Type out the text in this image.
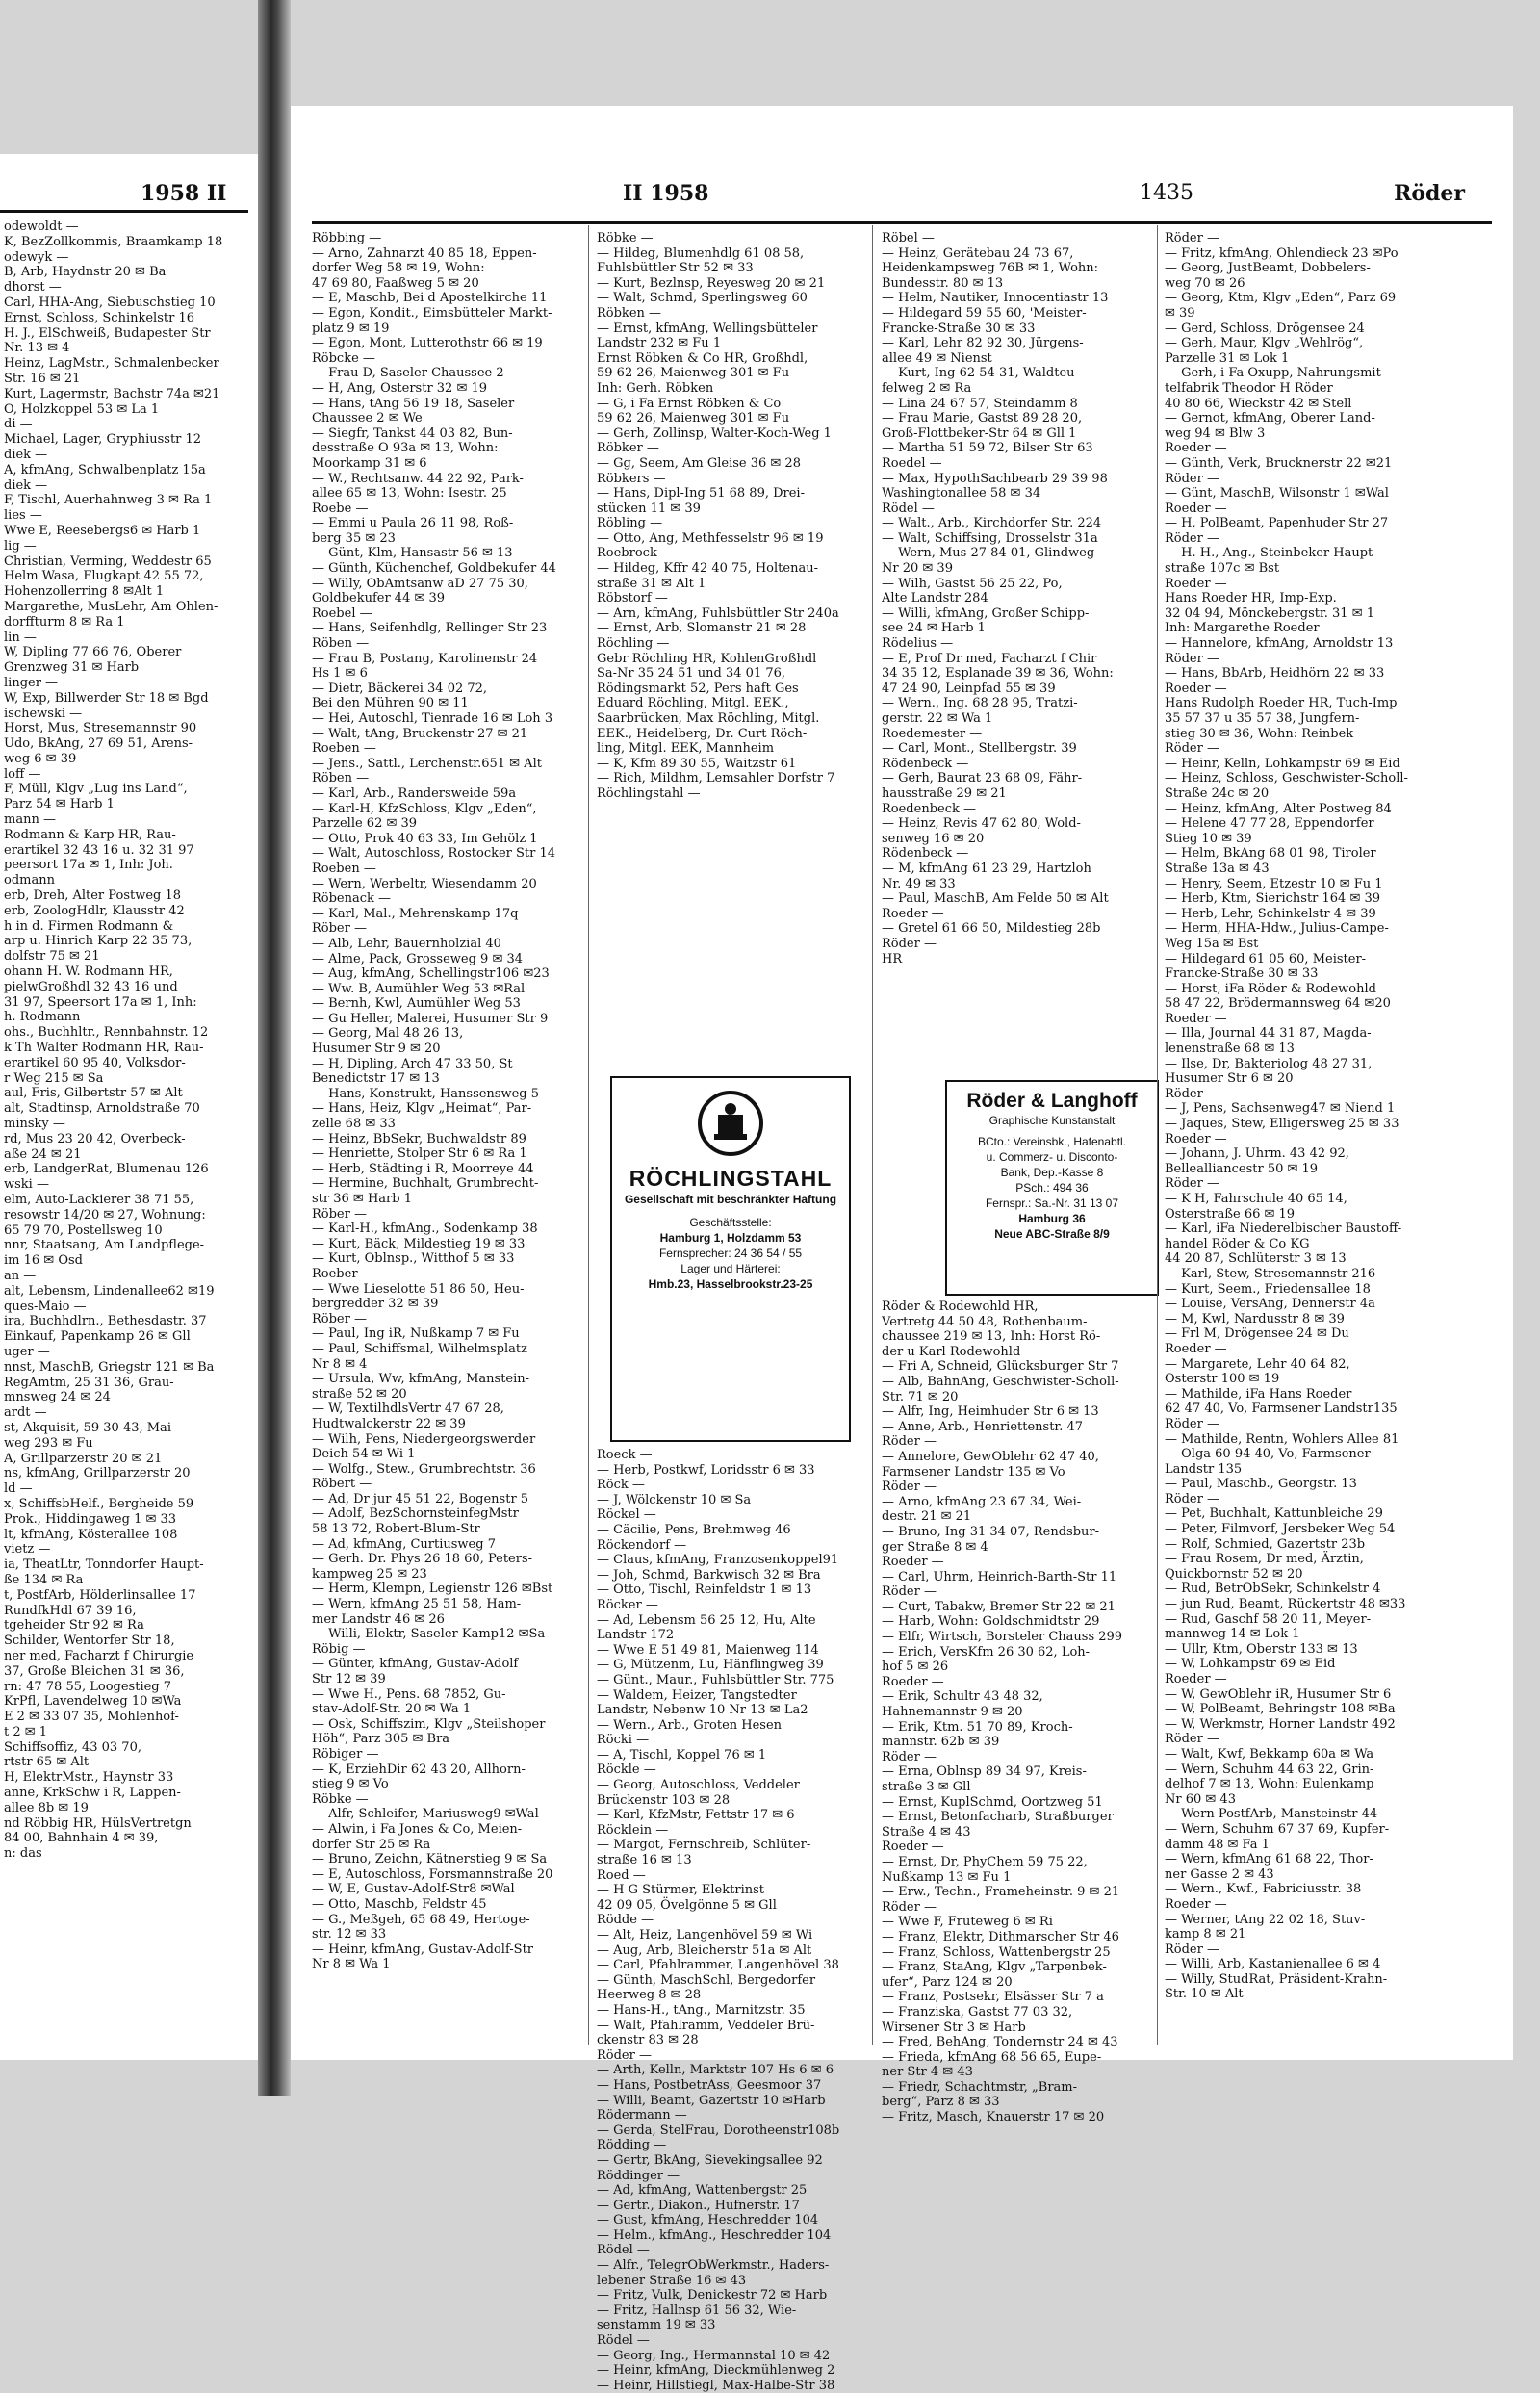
1958 II
odewoldt —
K, BezZollkommis, Braamkamp 18
odewyk —
B, Arb, Haydnstr 20 ✉ Ba
dhorst —
Carl, HHA-Ang, Siebuschstieg 10
Ernst, Schloss, Schinkelstr 16
H. J., ElSchweiß, Budapester Str
Nr. 13 ✉ 4
Heinz, LagMstr., Schmalenbecker
Str. 16 ✉ 21
Kurt, Lagermstr, Bachstr 74a ✉21
O, Holzkoppel 53 ✉ La 1
di —
Michael, Lager, Gryphiusstr 12
diek —
A, kfmAng, Schwalbenplatz 15a
diek —
F, Tischl, Auerhahnweg 3 ✉ Ra 1
lies —
Wwe E, Reesebergs6 ✉ Harb 1
lig —
Christian, Verming, Weddestr 65
Helm Wasa, Flugkapt 42 55 72,
Hohenzollerring 8 ✉Alt 1
Margarethe, MusLehr, Am Ohlen-
dorffturm 8 ✉ Ra 1
lin —
W, Dipling 77 66 76, Oberer
Grenzweg 31 ✉ Harb
linger —
W, Exp, Billwerder Str 18 ✉ Bgd
ischewski —
Horst, Mus, Stresemannstr 90
Udo, BkAng, 27 69 51, Arens-
weg 6 ✉ 39
loff —
F, Müll, Klgv „Lug ins Land“,
Parz 54 ✉ Harb 1
mann —
Rodmann & Karp HR, Rau-
erartikel 32 43 16 u. 32 31 97
peersort 17a ✉ 1, Inh: Joh.
odmann
erb, Dreh, Alter Postweg 18
erb, ZoologHdlr, Klausstr 42
h in d. Firmen Rodmann &
arp u. Hinrich Karp 22 35 73,
dolfstr 75 ✉ 21
ohann H. W. Rodmann HR,
pielwGroßhdl 32 43 16 und
31 97, Speersort 17a ✉ 1, Inh:
h. Rodmann
ohs., Buchhltr., Rennbahnstr. 12
k Th Walter Rodmann HR, Rau-
erartikel 60 95 40, Volksdor-
r Weg 215 ✉ Sa
aul, Fris, Gilbertstr 57 ✉ Alt
alt, Stadtinsp, Arnoldstraße 70
minsky —
rd, Mus 23 20 42, Overbeck-
aße 24 ✉ 21
erb, LandgerRat, Blumenau 126
wski —
elm, Auto-Lackierer 38 71 55,
resowstr 14/20 ✉ 27, Wohnung:
65 79 70, Postellsweg 10
nnr, Staatsang, Am Landpflege-
im 16 ✉ Osd
an —
alt, Lebensm, Lindenallee62 ✉19
ques-Maio —
ira, Buchhdlrn., Bethesdastr. 37
Einkauf, Papenkamp 26 ✉ Gll
uger —
nnst, MaschB, Griegstr 121 ✉ Ba
RegAmtm, 25 31 36, Grau-
mnsweg 24 ✉ 24
ardt —
st, Akquisit, 59 30 43, Mai-
weg 293 ✉ Fu
A, Grillparzerstr 20 ✉ 21
ns, kfmAng, Grillparzerstr 20
ld —
x, SchiffsbHelf., Bergheide 59
Prok., Hiddingaweg 1 ✉ 33
lt, kfmAng, Kösterallee 108
vietz —
ia, TheatLtr, Tonndorfer Haupt-
ße 134 ✉ Ra
t, PostfArb, Hölderlinsallee 17
RundfkHdl 67 39 16,
tgeheider Str 92 ✉ Ra
Schilder, Wentorfer Str 18,
ner med, Facharzt f Chirurgie
37, Große Bleichen 31 ✉ 36,
rn: 47 78 55, Loogestieg 7
KrPfl, Lavendelweg 10 ✉Wa
E 2 ✉ 33 07 35, Mohlenhof-
t 2 ✉ 1
Schiffsoffiz, 43 03 70,
rtstr 65 ✉ Alt
H, ElektrMstr., Haynstr 33
anne, KrkSchw i R, Lappen-
allee 8b ✉ 19
nd Röbbig HR, HülsVertretgn
84 00, Bahnhain 4 ✉ 39,
n: das
II 1958	1435	Röder
Röbbing —
— Arno, Zahnarzt 40 85 18, Eppen-
dorfer Weg 58 ✉ 19, Wohn:
47 69 80, Faaßweg 5 ✉ 20
— E, Maschb, Bei d Apostelkirche 11
— Egon, Kondit., Eimsbütteler Markt-
platz 9 ✉ 19
— Egon, Mont, Lutterothstr 66 ✉ 19
Röbcke —
— Frau D, Saseler Chaussee 2
— H, Ang, Osterstr 32 ✉ 19
— Hans, tAng 56 19 18, Saseler
Chaussee 2 ✉ We
— Siegfr, Tankst 44 03 82, Bun-
desstraße O 93a ✉ 13, Wohn:
Moorkamp 31 ✉ 6
— W., Rechtsanw. 44 22 92, Park-
allee 65 ✉ 13, Wohn: Isestr. 25
Roebe —
— Emmi u Paula 26 11 98, Roß-
berg 35 ✉ 23
— Günt, Klm, Hansastr 56 ✉ 13
— Günth, Küchenchef, Goldbekufer 44
— Willy, ObAmtsanw aD 27 75 30,
Goldbekufer 44 ✉ 39
Roebel —
— Hans, Seifenhdlg, Rellinger Str 23
Röben —
— Frau B, Postang, Karolinenstr 24
Hs 1 ✉ 6
— Dietr, Bäckerei 34 02 72,
Bei den Mühren 90 ✉ 11
— Hei, Autoschl, Tienrade 16 ✉ Loh 3
— Walt, tAng, Bruckenstr 27 ✉ 21
Roeben —
— Jens., Sattl., Lerchenstr.651 ✉ Alt
Röben —
— Karl, Arb., Randersweide 59a
— Karl-H, KfzSchloss, Klgv „Eden“,
Parzelle 62 ✉ 39
— Otto, Prok 40 63 33, Im Gehölz 1
— Walt, Autoschloss, Rostocker Str 14
Roeben —
— Wern, Werbeltr, Wiesendamm 20
Röbenack —
— Karl, Mal., Mehrenskamp 17q
Röber —
— Alb, Lehr, Bauernholzial 40
— Alme, Pack, Grosseweg 9 ✉ 34
— Aug, kfmAng, Schellingstr106 ✉23
— Ww. B, Aumühler Weg 53 ✉Ral
— Bernh, Kwl, Aumühler Weg 53
— Gu Heller, Malerei, Husumer Str 9
— Georg, Mal 48 26 13,
Husumer Str 9 ✉ 20
— H, Dipling, Arch 47 33 50, St
Benedictstr 17 ✉ 13
— Hans, Konstrukt, Hanssensweg 5
— Hans, Heiz, Klgv „Heimat“, Par-
zelle 68 ✉ 33
— Heinz, BbSekr, Buchwaldstr 89
— Henriette, Stolper Str 6 ✉ Ra 1
— Herb, Städting i R, Moorreye 44
— Hermine, Buchhalt, Grumbrecht-
str 36 ✉ Harb 1
Röber —
— Karl-H., kfmAng., Sodenkamp 38
— Kurt, Bäck, Mildestieg 19 ✉ 33
— Kurt, Oblnsp., Witthof 5 ✉ 33
Roeber —
— Wwe Lieselotte 51 86 50, Heu-
bergredder 32 ✉ 39
Röber —
— Paul, Ing iR, Nußkamp 7 ✉ Fu
— Paul, Schiffsmal, Wilhelmsplatz
Nr 8 ✉ 4
— Ursula, Ww, kfmAng, Manstein-
straße 52 ✉ 20
— W, TextilhdlsVertr 47 67 28,
Hudtwalckerstr 22 ✉ 39
— Wilh, Pens, Niedergeorgswerder
Deich 54 ✉ Wi 1
— Wolfg., Stew., Grumbrechtstr. 36
Röbert —
— Ad, Dr jur 45 51 22, Bogenstr 5
— Adolf, BezSchornsteinfegMstr
58 13 72, Robert-Blum-Str
— Ad, kfmAng, Curtiusweg 7
— Gerh. Dr. Phys 26 18 60, Peters-
kampweg 25 ✉ 23
— Herm, Klempn, Legienstr 126 ✉Bst
— Wern, kfmAng 25 51 58, Ham-
mer Landstr 46 ✉ 26
— Willi, Elektr, Saseler Kamp12 ✉Sa
Röbig —
— Günter, kfmAng, Gustav-Adolf
Str 12 ✉ 39
— Wwe H., Pens. 68 7852, Gu-
stav-Adolf-Str. 20 ✉ Wa 1
— Osk, Schiffszim, Klgv „Steilshoper
Höh“, Parz 305 ✉ Bra
Röbiger —
— K, ErziehDir 62 43 20, Allhorn-
stieg 9 ✉ Vo
Röbke —
— Alfr, Schleifer, Mariusweg9 ✉Wal
— Alwin, i Fa Jones & Co, Meien-
dorfer Str 25 ✉ Ra
— Bruno, Zeichn, Kätnerstieg 9 ✉ Sa
— E, Autoschloss, Forsmannstraße 20
— W, E, Gustav-Adolf-Str8 ✉Wal
— Otto, Maschb, Feldstr 45
— G., Meßgeh, 65 68 49, Hertoge-
str. 12 ✉ 33
— Heinr, kfmAng, Gustav-Adolf-Str
Nr 8 ✉ Wa 1
Röbke —
— Hildeg, Blumenhdlg 61 08 58,
Fuhlsbüttler Str 52 ✉ 33
— Kurt, Bezlnsp, Reyesweg 20 ✉ 21
— Walt, Schmd, Sperlingsweg 60
Röbken —
— Ernst, kfmAng, Wellingsbütteler
Landstr 232 ✉ Fu 1
Ernst Röbken & Co HR, Großhdl,
59 62 26, Maienweg 301 ✉ Fu
Inh: Gerh. Röbken
— G, i Fa Ernst Röbken & Co
59 62 26, Maienweg 301 ✉ Fu
— Gerh, Zollinsp, Walter-Koch-Weg 1
Röbker —
— Gg, Seem, Am Gleise 36 ✉ 28
Röbkers —
— Hans, Dipl-Ing 51 68 89, Drei-
stücken 11 ✉ 39
Röbling —
— Otto, Ang, Methfesselstr 96 ✉ 19
Roebrock —
— Hildeg, Kffr 42 40 75, Holtenau-
straße 31 ✉ Alt 1
Röbstorf —
— Arn, kfmAng, Fuhlsbüttler Str 240a
— Ernst, Arb, Slomanstr 21 ✉ 28
Röchling —
Gebr Röchling HR, KohlenGroßhdl
Sa-Nr 35 24 51 und 34 01 76,
Rödingsmarkt 52, Pers haft Ges
Eduard Röchling, Mitgl. EEK.,
Saarbrücken, Max Röchling, Mitgl.
EEK., Heidelberg, Dr. Curt Röch-
ling, Mitgl. EEK, Mannheim
— K, Kfm 89 30 55, Waitzstr 61
— Rich, Mildhm, Lemsahler Dorfstr 7
Röchlingstahl —
RÖCHLINGSTAHL
Gesellschaft mit beschränkter Haftung
Geschäftsstelle:
Hamburg 1, Holzdamm 53
Fernsprecher: 24 36 54 / 55
Lager und Härterei:
Hmb.23, Hasselbrookstr.23-25
Roeck —
— Herb, Postkwf, Loridsstr 6 ✉ 33
Röck —
— J, Wölckenstr 10 ✉ Sa
Röckel —
— Cäcilie, Pens, Brehmweg 46
Röckendorf —
— Claus, kfmAng, Franzosenkoppel91
— Joh, Schmd, Barkwisch 32 ✉ Bra
— Otto, Tischl, Reinfeldstr 1 ✉ 13
Röcker —
— Ad, Lebensm 56 25 12, Hu, Alte
Landstr 172
— Wwe E 51 49 81, Maienweg 114
— G, Mützenm, Lu, Hänflingweg 39
— Günt., Maur., Fuhlsbüttler Str. 775
— Waldem, Heizer, Tangstedter
Landstr, Nebenw 10 Nr 13 ✉ La2
— Wern., Arb., Groten Hesen
Röcki —
— A, Tischl, Koppel 76 ✉ 1
Röckle —
— Georg, Autoschloss, Veddeler
Brückenstr 103 ✉ 28
— Karl, KfzMstr, Fettstr 17 ✉ 6
Röcklein —
— Margot, Fernschreib, Schlüter-
straße 16 ✉ 13
Roed —
— H G Stürmer, Elektrinst
42 09 05, Övelgönne 5 ✉ Gll
Rödde —
— Alt, Heiz, Langenhövel 59 ✉ Wi
— Aug, Arb, Bleicherstr 51a ✉ Alt
— Carl, Pfahlrammer, Langenhövel 38
— Günth, MaschSchl, Bergedorfer
Heerweg 8 ✉ 28
— Hans-H., tAng., Marnitzstr. 35
— Walt, Pfahlramm, Veddeler Brü-
ckenstr 83 ✉ 28
Röder —
— Arth, Kelln, Marktstr 107 Hs 6 ✉ 6
— Hans, PostbetrAss, Geesmoor 37
— Willi, Beamt, Gazertstr 10 ✉Harb
Rödermann —
— Gerda, StelFrau, Dorotheenstr108b
Rödding —
— Gertr, BkAng, Sievekingsallee 92
Röddinger —
— Ad, kfmAng, Wattenbergstr 25
— Gertr., Diakon., Hufnerstr. 17
— Gust, kfmAng, Heschredder 104
— Helm., kfmAng., Heschredder 104
Rödel —
— Alfr., TelegrObWerkmstr., Haders-
lebener Straße 16 ✉ 43
— Fritz, Vulk, Denickestr 72 ✉ Harb
— Fritz, Hallnsp 61 56 32, Wie-
senstamm 19 ✉ 33
Rödel —
— Georg, Ing., Hermannstal 10 ✉ 42
— Heinr, kfmAng, Dieckmühlenweg 2
— Heinr, Hillstiegl, Max-Halbe-Str 38
Röbel —
— Heinz, Gerätebau 24 73 67,
Heidenkampsweg 76B ✉ 1, Wohn:
Bundesstr. 80 ✉ 13
— Helm, Nautiker, Innocentiastr 13
— Hildegard 59 55 60, 'Meister-
Francke-Straße 30 ✉ 33
— Karl, Lehr 82 92 30, Jürgens-
allee 49 ✉ Nienst
— Kurt, Ing 62 54 31, Waldteu-
felweg 2 ✉ Ra
— Lina 24 67 57, Steindamm 8
— Frau Marie, Gastst 89 28 20,
Groß-Flottbeker-Str 64 ✉ Gll 1
— Martha 51 59 72, Bilser Str 63
Roedel —
— Max, HypothSachbearb 29 39 98
Washingtonallee 58 ✉ 34
Rödel —
— Walt., Arb., Kirchdorfer Str. 224
— Walt, Schiffsing, Drosselstr 31a
— Wern, Mus 27 84 01, Glindweg
Nr 20 ✉ 39
— Wilh, Gastst 56 25 22, Po,
Alte Landstr 284
— Willi, kfmAng, Großer Schipp-
see 24 ✉ Harb 1
Rödelius —
— E, Prof Dr med, Facharzt f Chir
34 35 12, Esplanade 39 ✉ 36, Wohn:
47 24 90, Leinpfad 55 ✉ 39
— Wern., Ing. 68 28 95, Tratzi-
gerstr. 22 ✉ Wa 1
Roedemester —
— Carl, Mont., Stellbergstr. 39
Rödenbeck —
— Gerh, Baurat 23 68 09, Fähr-
hausstraße 29 ✉ 21
Roedenbeck —
— Heinz, Revis 47 62 80, Wold-
senweg 16 ✉ 20
Rödenbeck —
— M, kfmAng 61 23 29, Hartzloh
Nr. 49 ✉ 33
— Paul, MaschB, Am Felde 50 ✉ Alt
Roeder —
— Gretel 61 66 50, Mildestieg 28b
Röder —
HR
Röder & Langhoff
Graphische Kunstanstalt
BCto.: Vereinsbk., Hafenabtl.
u. Commerz- u. Disconto-
Bank, Dep.-Kasse 8
PSch.: 494 36
Fernspr.: Sa.-Nr. 31 13 07
Hamburg 36
Neue ABC-Straße 8/9
Röder & Rodewohld HR,
Vertretg 44 50 48, Rothenbaum-
chaussee 219 ✉ 13, Inh: Horst Rö-
der u Karl Rodewohld
— Fri A, Schneid, Glücksburger Str 7
— Alb, BahnAng, Geschwister-Scholl-
Str. 71 ✉ 20
— Alfr, Ing, Heimhuder Str 6 ✉ 13
— Anne, Arb., Henriettenstr. 47
Röder —
— Annelore, GewOblehr 62 47 40,
Farmsener Landstr 135 ✉ Vo
Röder —
— Arno, kfmAng 23 67 34, Wei-
destr. 21 ✉ 21
— Bruno, Ing 31 34 07, Rendsbur-
ger Straße 8 ✉ 4
Roeder —
— Carl, Uhrm, Heinrich-Barth-Str 11
Röder —
— Curt, Tabakw, Bremer Str 22 ✉ 21
— Harb, Wohn: Goldschmidtstr 29
— Elfr, Wirtsch, Borsteler Chauss 299
— Erich, VersKfm 26 30 62, Loh-
hof 5 ✉ 26
Roeder —
— Erik, Schultr 43 48 32,
Hahnemannstr 9 ✉ 20
— Erik, Ktm. 51 70 89, Kroch-
mannstr. 62b ✉ 39
Röder —
— Erna, Oblnsp 89 34 97, Kreis-
straße 3 ✉ Gll
— Ernst, KuplSchmd, Oortzweg 51
— Ernst, Betonfacharb, Straßburger
Straße 4 ✉ 43
Roeder —
— Ernst, Dr, PhyChem 59 75 22,
Nußkamp 13 ✉ Fu 1
— Erw., Techn., Frameheinstr. 9 ✉ 21
Röder —
— Wwe F, Fruteweg 6 ✉ Ri
— Franz, Elektr, Dithmarscher Str 46
— Franz, Schloss, Wattenbergstr 25
— Franz, StaAng, Klgv „Tarpenbek-
ufer“, Parz 124 ✉ 20
— Franz, Postsekr, Elsässer Str 7 a
— Franziska, Gastst 77 03 32,
Wirsener Str 3 ✉ Harb
— Fred, BehAng, Tondernstr 24 ✉ 43
— Frieda, kfmAng 68 56 65, Eupe-
ner Str 4 ✉ 43
— Friedr, Schachtmstr, „Bram-
berg“, Parz 8 ✉ 33
— Fritz, Masch, Knauerstr 17 ✉ 20
Röder —
— Fritz, kfmAng, Ohlendieck 23 ✉Po
— Georg, JustBeamt, Dobbelers-
weg 70 ✉ 26
— Georg, Ktm, Klgv „Eden“, Parz 69
✉ 39
— Gerd, Schloss, Drögensee 24
— Gerh, Maur, Klgv „Wehlrög“,
Parzelle 31 ✉ Lok 1
— Gerh, i Fa Oxupp, Nahrungsmit-
telfabrik Theodor H Röder
40 80 66, Wieckstr 42 ✉ Stell
— Gernot, kfmAng, Oberer Land-
weg 94 ✉ Blw 3
Roeder —
— Günth, Verk, Brucknerstr 22 ✉21
Röder —
— Günt, MaschB, Wilsonstr 1 ✉Wal
Roeder —
— H, PolBeamt, Papenhuder Str 27
Röder —
— H. H., Ang., Steinbeker Haupt-
straße 107c ✉ Bst
Roeder —
Hans Roeder HR, Imp-Exp.
32 04 94, Mönckebergstr. 31 ✉ 1
Inh: Margarethe Roeder
— Hannelore, kfmAng, Arnoldstr 13
Röder —
— Hans, BbArb, Heidhörn 22 ✉ 33
Roeder —
Hans Rudolph Roeder HR, Tuch-Imp
35 57 37 u 35 57 38, Jungfern-
stieg 30 ✉ 36, Wohn: Reinbek
Röder —
— Heinr, Kelln, Lohkampstr 69 ✉ Eid
— Heinz, Schloss, Geschwister-Scholl-
Straße 24c ✉ 20
— Heinz, kfmAng, Alter Postweg 84
— Helene 47 77 28, Eppendorfer
Stieg 10 ✉ 39
— Helm, BkAng 68 01 98, Tiroler
Straße 13a ✉ 43
— Henry, Seem, Etzestr 10 ✉ Fu 1
— Herb, Ktm, Sierichstr 164 ✉ 39
— Herb, Lehr, Schinkelstr 4 ✉ 39
— Herm, HHA-Hdw., Julius-Campe-
Weg 15a ✉ Bst
— Hildegard 61 05 60, Meister-
Francke-Straße 30 ✉ 33
— Horst, iFa Röder & Rodewohld
58 47 22, Brödermannsweg 64 ✉20
Roeder —
— Illa, Journal 44 31 87, Magda-
lenenstraße 68 ✉ 13
— Ilse, Dr, Bakteriolog 48 27 31,
Husumer Str 6 ✉ 20
Röder —
— J, Pens, Sachsenweg47 ✉ Niend 1
— Jaques, Stew, Elligersweg 25 ✉ 33
Roeder —
— Johann, J. Uhrm. 43 42 92,
Bellealliancestr 50 ✉ 19
Röder —
— K H, Fahrschule 40 65 14,
Osterstraße 66 ✉ 19
— Karl, iFa Niederelbischer Baustoff-
handel Röder & Co KG
44 20 87, Schlüterstr 3 ✉ 13
— Karl, Stew, Stresemannstr 216
— Kurt, Seem., Friedensallee 18
— Louise, VersAng, Dennerstr 4a
— M, Kwl, Nardusstr 8 ✉ 39
— Frl M, Drögensee 24 ✉ Du
Roeder —
— Margarete, Lehr 40 64 82,
Osterstr 100 ✉ 19
— Mathilde, iFa Hans Roeder
62 47 40, Vo, Farmsener Landstr135
Röder —
— Mathilde, Rentn, Wohlers Allee 81
— Olga 60 94 40, Vo, Farmsener
Landstr 135
— Paul, Maschb., Georgstr. 13
Röder —
— Pet, Buchhalt, Kattunbleiche 29
— Peter, Filmvorf, Jersbeker Weg 54
— Rolf, Schmied, Gazertstr 23b
— Frau Rosem, Dr med, Ärztin,
Quickbornstr 52 ✉ 20
— Rud, BetrObSekr, Schinkelstr 4
— jun Rud, Beamt, Rückertstr 48 ✉33
— Rud, Gaschf 58 20 11, Meyer-
mannweg 14 ✉ Lok 1
— Ullr, Ktm, Oberstr 133 ✉ 13
— W, Lohkampstr 69 ✉ Eid
Roeder —
— W, GewOblehr iR, Husumer Str 6
— W, PolBeamt, Behringstr 108 ✉Ba
— W, Werkmstr, Horner Landstr 492
Röder —
— Walt, Kwf, Bekkamp 60a ✉ Wa
— Wern, Schuhm 44 63 22, Grin-
delhof 7 ✉ 13, Wohn: Eulenkamp
Nr 60 ✉ 43
— Wern PostfArb, Mansteinstr 44
— Wern, Schuhm 67 37 69, Kupfer-
damm 48 ✉ Fa 1
— Wern, kfmAng 61 68 22, Thor-
ner Gasse 2 ✉ 43
— Wern., Kwf., Fabriciusstr. 38
Roeder —
— Werner, tAng 22 02 18, Stuv-
kamp 8 ✉ 21
Röder —
— Willi, Arb, Kastanienallee 6 ✉ 4
— Willy, StudRat, Präsident-Krahn-
Str. 10 ✉ Alt
